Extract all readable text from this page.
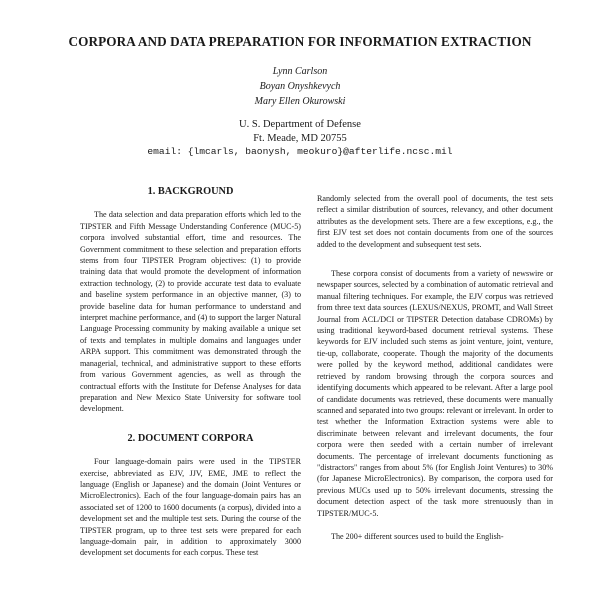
CORPORA AND DATA PREPARATION FOR INFORMATION EXTRACTION
Lynn Carlson
Boyan Onyshkevych
Mary Ellen Okurowski
U. S. Department of Defense
Ft. Meade, MD 20755
email: {lmcarls, baonysh, meokuro}@afterlife.ncsc.mil
1. BACKGROUND

The data selection and data preparation efforts which led to the TIPSTER and Fifth Message Understanding Conference (MUC-5) corpora involved substantial effort, time and resources. The Government commitment to these selection and preparation efforts stems from four TIPSTER Program objectives: (1) to provide training data that would promote the development of information extraction technology, (2) to provide accurate test data to evaluate and baseline system performance in an objective manner, (3) to provide baseline data for human performance to understand and interpret machine performance, and (4) to support the larger Natural Language Processing community by making available a unique set of texts and templates in multiple domains and languages under ARPA support. This commitment was demonstrated through the managerial, technical, and administrative support to these efforts from various Government agencies, as well as through the contractual efforts with the Institute for Defense Analyses for data preparation and New Mexico State University for software tool development.

2. DOCUMENT CORPORA

Four language-domain pairs were used in the TIPSTER exercise, abbreviated as EJV, JJV, EME, JME to reflect the language (English or Japanese) and the domain (Joint Ventures or MicroElectronics). Each of the four language-domain pairs has an associated set of 1200 to 1600 documents (a corpus), divided into a development set and the multiple test sets. During the course of the TIPSTER program, up to three test sets were prepared for each language-domain pair, in addition to approximately 3000 development set documents for each corpus. These test

Randomly selected from the overall pool of documents, the test sets reflect a similar distribution of sources, relevancy, and other document attributes as the development sets. There are a few exceptions, e.g., the first EJV test set does not contain documents from one of the sources added to the development and subsequent test sets.

These corpora consist of documents from a variety of newswire or newspaper sources, selected by a combination of automatic retrieval and manual filtering techniques. For example, the EJV corpus was retrieved from three text data sources (LEXUS/NEXUS, PROMT, and Wall Street Journal from ACL/DCI or TIPSTER Detection database CDROMs) by using traditional keyword-based document retrieval systems. These keywords for EJV included such stems as joint venture, joint, venture, tie-up, collaborate, cooperate. Though the majority of the documents were polled by the keyword method, additional candidates were retrieved by random browsing through the corpora sources and identifying documents which appeared to be relevant. After a large pool of candidate documents was retrieved, these documents were manually scanned and separated into two groups: relevant or irrelevant. In order to test whether the Information Extraction systems were able to discriminate between relevant and irrelevant documents, the four corpora were then seeded with a certain number of irrelevant documents. The percentage of irrelevant documents functioning as "distractors" ranges from about 5% (for English Joint Ventures) to 30% (for Japanese MicroElectronics). By comparison, the corpora used for previous MUCs used up to 50% irrelevant documents, stressing the document detection aspect of the task more strenuously than in TIPSTER/MUC-5.

The 200+ different sources used to build the English-
